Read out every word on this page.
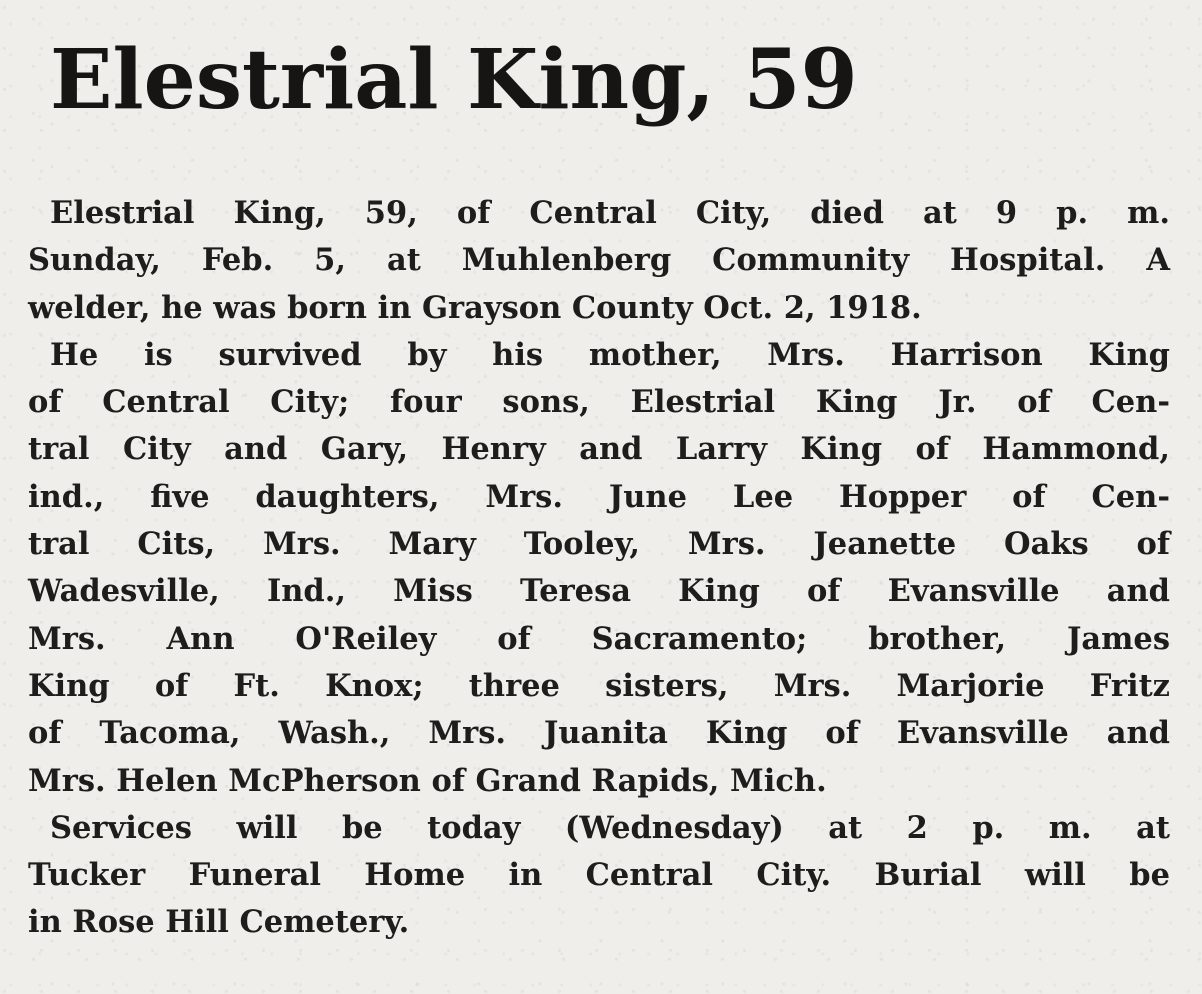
Elestrial King, 59
Elestrial King, 59, of Central City, died at 9 p. m.
Sunday, Feb. 5, at Muhlenberg Community Hospital. A
welder, he was born in Grayson County Oct. 2, 1918.
He is survived by his mother, Mrs. Harrison King
of Central City; four sons, Elestrial King Jr. of Cen-
tral City and Gary, Henry and Larry King of Hammond,
ind., five daughters, Mrs. June Lee Hopper of Cen-
tral Cits, Mrs. Mary Tooley, Mrs. Jeanette Oaks of
Wadesville, Ind., Miss Teresa King of Evansville and
Mrs. Ann O'Reiley of Sacramento; brother, James
King of Ft. Knox; three sisters, Mrs. Marjorie Fritz
of Tacoma, Wash., Mrs. Juanita King of Evansville and
Mrs. Helen McPherson of Grand Rapids, Mich.
Services will be today (Wednesday) at 2 p. m. at
Tucker Funeral Home in Central City. Burial will be
in Rose Hill Cemetery.
